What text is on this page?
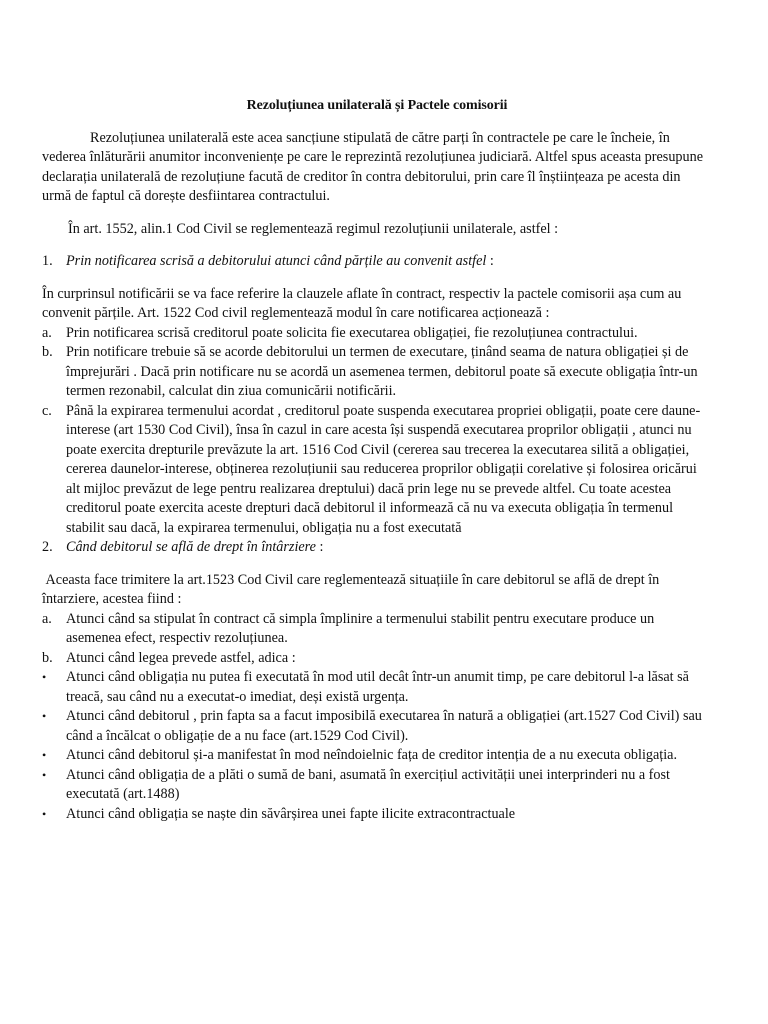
Rezoluțiunea unilaterală și Pactele comisorii

Rezoluțiunea unilaterală este acea sancțiune stipulată de către parți în contractele pe care le încheie, în vederea înlăturării anumitor inconveniențe pe care le reprezintă rezoluțiunea judiciară. Altfel spus aceasta presupune declarația unilaterală de rezoluțiune facută de creditor în contra debitorului, prin care îl înștiințeaza pe acesta din urmă de faptul că dorește desfiintarea contractului.

În art. 1552, alin.1 Cod Civil se reglementează regimul rezoluțiunii unilaterale, astfel :

1. Prin notificarea scrisă a debitorului atunci când părțile au convenit astfel :

În curprinsul notificării se va face referire la clauzele aflate în contract, respectiv la pactele comisorii așa cum au convenit părțile. Art. 1522 Cod civil reglementează modul în care notificarea acționează :

a. Prin notificarea scrisă creditorul poate solicita fie executarea obligației, fie rezoluțiunea contractului.
b. Prin notificare trebuie să se acorde debitorului un termen de executare, ținând seama de natura obligației și de împrejurări . Dacă prin notificare nu se acordă un asemenea termen, debitorul poate să execute obligația într-un termen rezonabil, calculat din ziua comunicării notificării.
c. Până la expirarea termenului acordat , creditorul poate suspenda executarea propriei obligații, poate cere daune-interese (art 1530 Cod Civil), însa în cazul in care acesta își suspendă executarea proprilor obligații , atunci nu poate exercita drepturile prevăzute la art. 1516 Cod Civil (cererea sau trecerea la executarea silită a obligației, cererea daunelor-interese, obținerea rezoluțiunii sau reducerea proprilor obligații corelative și folosirea oricărui alt mijloc prevăzut de lege pentru realizarea dreptului) dacă prin lege nu se prevede altfel. Cu toate acestea creditorul poate exercita aceste drepturi dacă debitorul il informează că nu va executa obligația în termenul stabilit sau dacă, la expirarea termenului, obligația nu a fost executată
2. Când debitorul se află de drept în întârziere :

Aceasta face trimitere la art.1523 Cod Civil care reglementează situațiile în care debitorul se află de drept în întarziere, acestea fiind :

a. Atunci când sa stipulat în contract că simpla împlinire a termenului stabilit pentru executare produce un asemenea efect, respectiv rezoluțiunea.
b. Atunci când legea prevede astfel, adica :
• Atunci când obligația nu putea fi executată în mod util decât într-un anumit timp, pe care debitorul l-a lăsat să treacă, sau când nu a executat-o imediat, deși există urgența.
• Atunci când debitorul , prin fapta sa a facut imposibilă executarea în natură a obligației (art.1527 Cod Civil) sau când a încălcat o obligație de a nu face (art.1529 Cod Civil).
• Atunci când debitorul și-a manifestat în mod neîndoielnic fața de creditor intenția de a nu executa obligația.
• Atunci când obligația de a plăti o sumă de bani, asumată în exercițiul activității unei interprinderi nu a fost executată (art.1488)
• Atunci când obligația se naște din săvârșirea unei fapte ilicite extracontractuale
